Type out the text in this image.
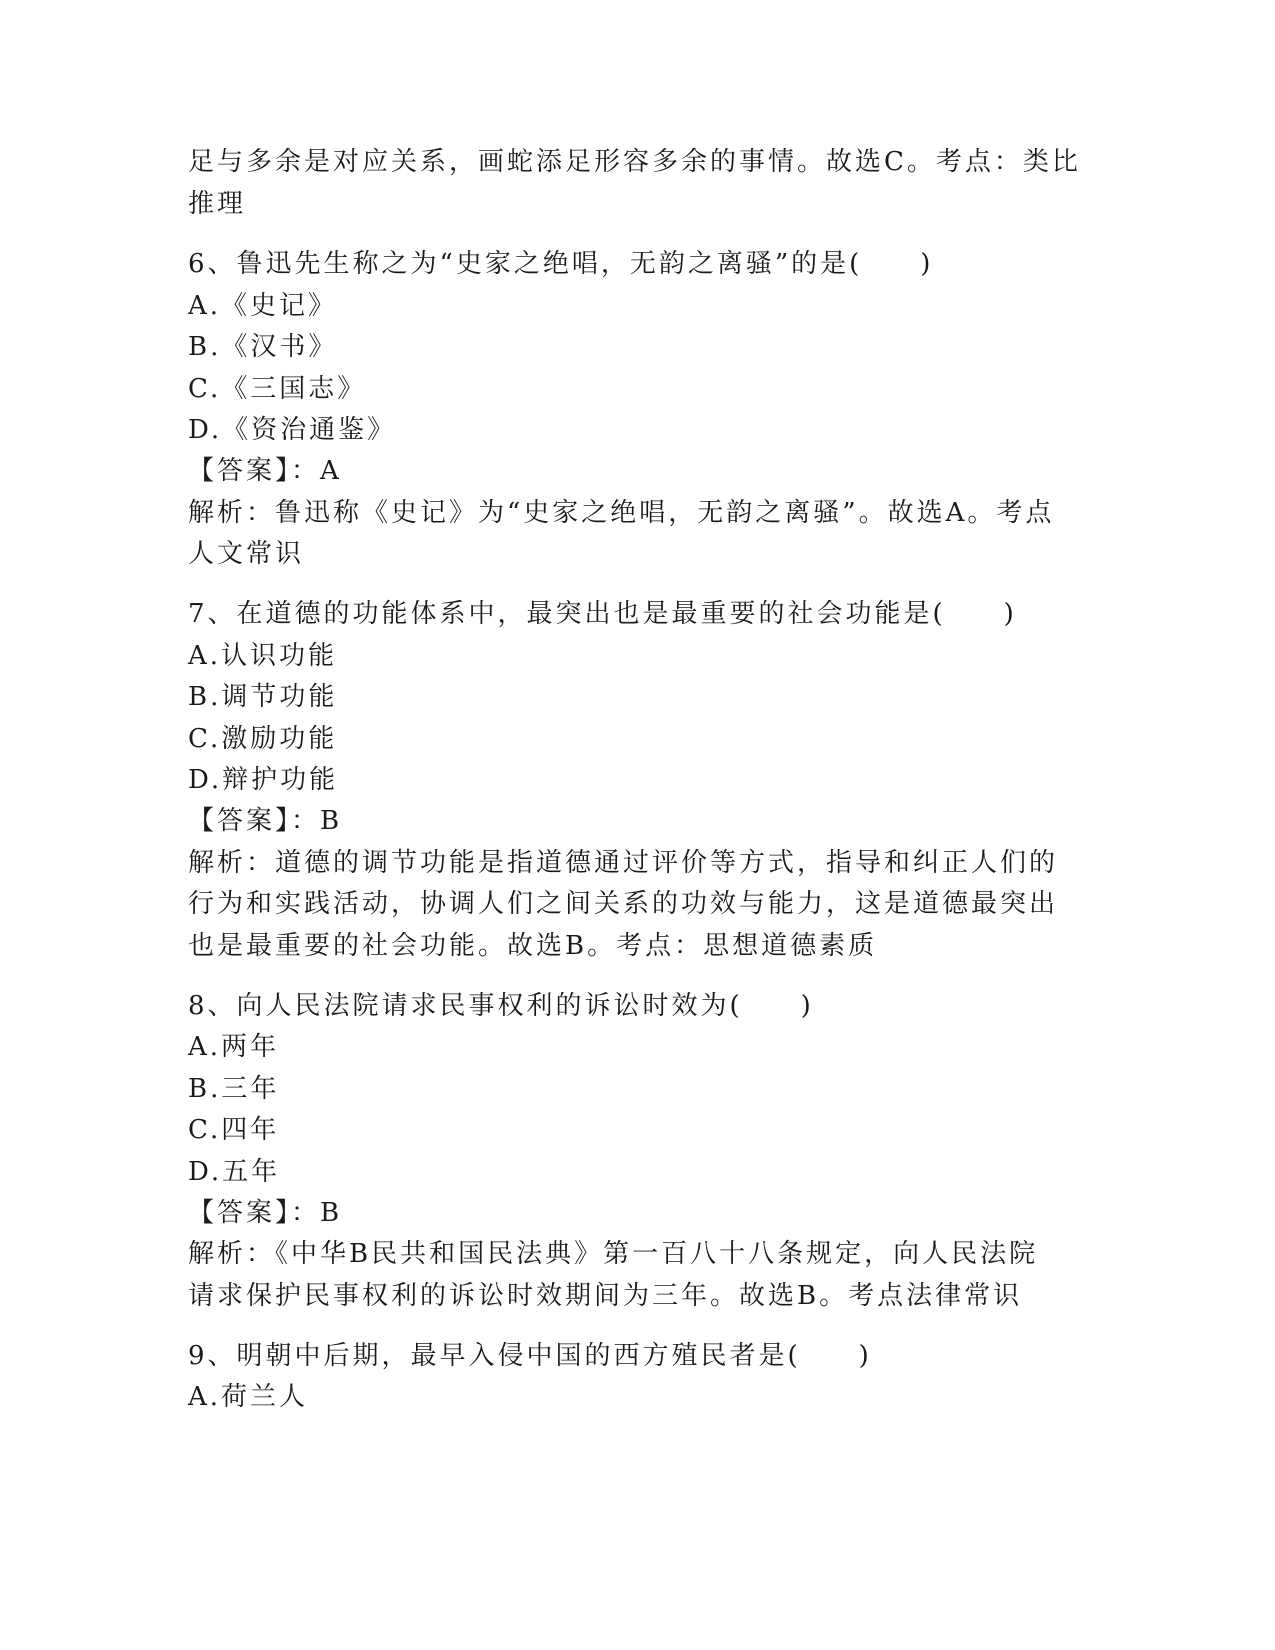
足与多余是对应关系，画蛇添足形容多余的事情。故选C。考点：类比
推理
6、鲁迅先生称之为“史家之绝唱，无韵之离骚”的是(　　)
A.《史记》
B.《汉书》
C.《三国志》
D.《资治通鉴》
【答案】：A
解析：鲁迅称《史记》为“史家之绝唱，无韵之离骚”。故选A。考点
人文常识
7、在道德的功能体系中，最突出也是最重要的社会功能是(　　)
A.认识功能
B.调节功能
C.激励功能
D.辩护功能
【答案】：B
解析：道德的调节功能是指道德通过评价等方式，指导和纠正人们的
行为和实践活动，协调人们之间关系的功效与能力，这是道德最突出
也是最重要的社会功能。故选B。考点：思想道德素质
8、向人民法院请求民事权利的诉讼时效为(　　)
A.两年
B.三年
C.四年
D.五年
【答案】：B
解析：《中华B民共和国民法典》第一百八十八条规定，向人民法院
请求保护民事权利的诉讼时效期间为三年。故选B。考点法律常识
9、明朝中后期，最早入侵中国的西方殖民者是(　　)
A.荷兰人
